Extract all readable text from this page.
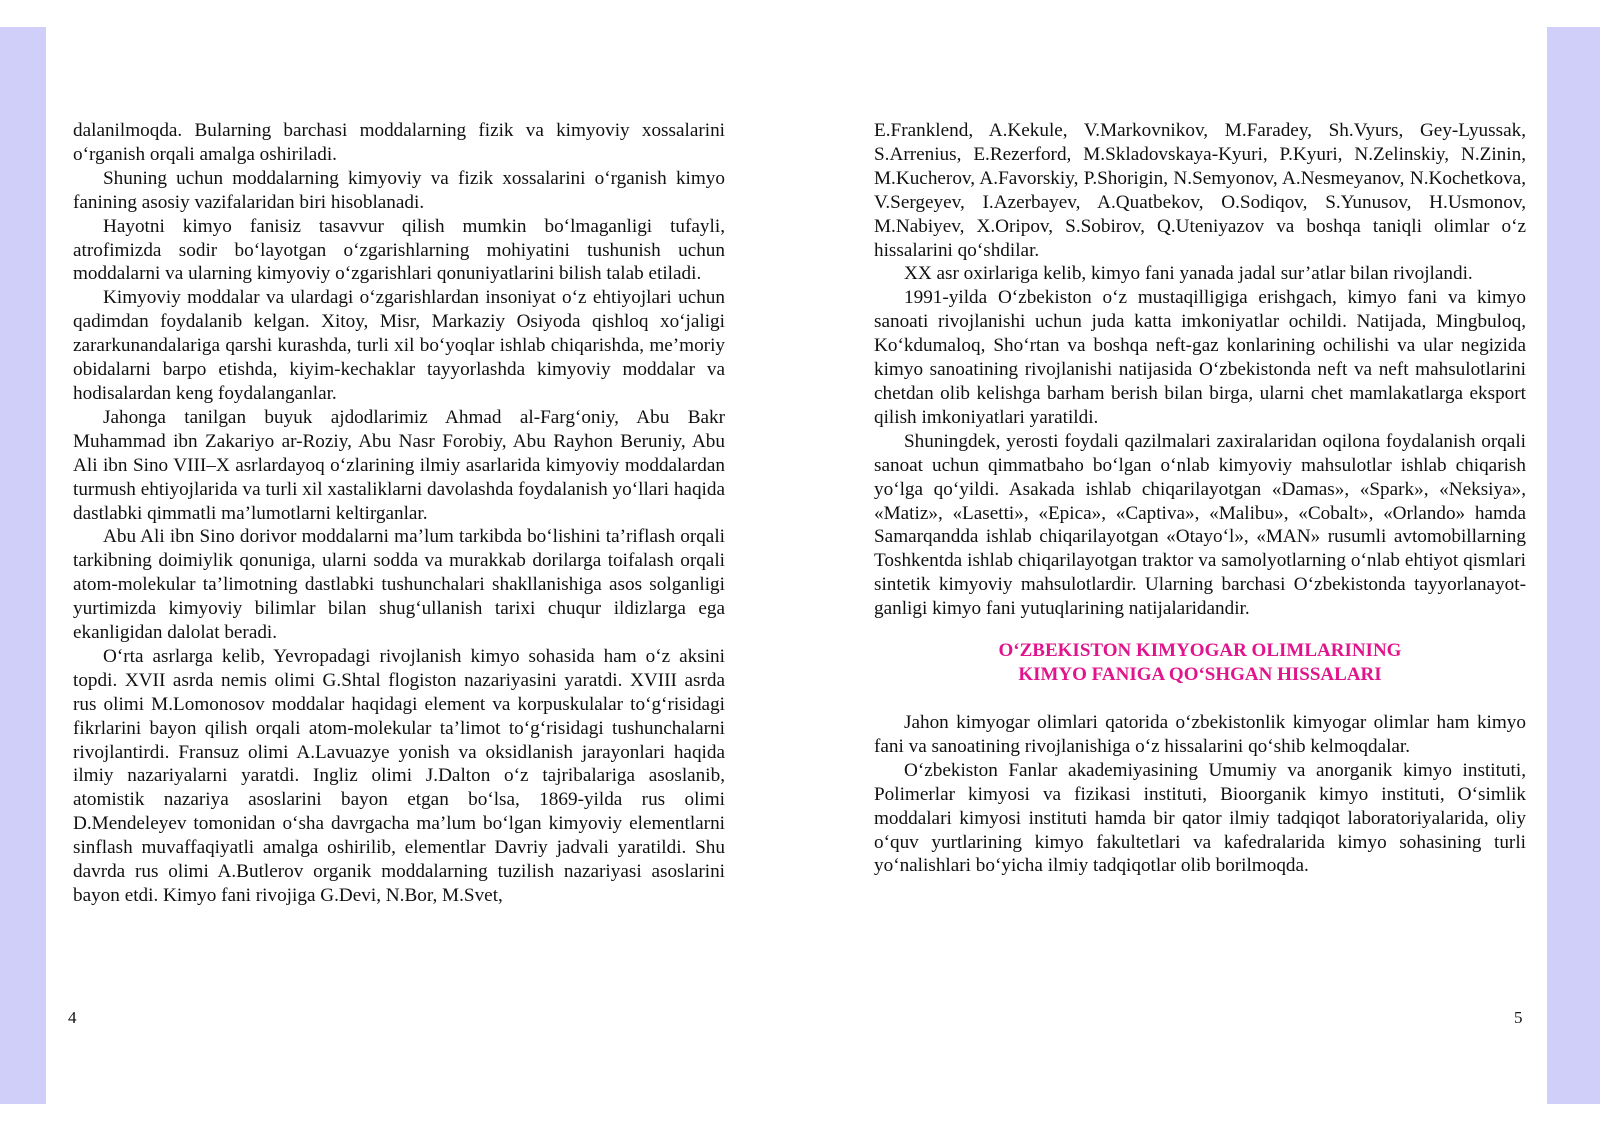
dalanilmoqda. Bularning barchasi moddalarning fizik va kimyoviy xossalarini o‘rganish orqali amalga oshiriladi.

Shuning uchun moddalarning kimyoviy va fizik xossalarini o‘rganish kimyo fanining asosiy vazifalaridan biri hisoblanadi.

Hayotni kimyo fanisiz tasavvur qilish mumkin bo‘lmaganligi tufayli, atrofimizda sodir bo‘layotgan o‘zgarishlarning mohiyatini tushunish uchun moddalarni va ularning kimyoviy o‘zgarishlari qonuniyatlarini bilish talab etiladi.

Kimyoviy moddalar va ulardagi o‘zgarishlardan insoniyat o‘z ehtiyojlari uchun qadimdan foydalanib kelgan. Xitoy, Misr, Markaziy Osiyoda qishloq xo‘jaligi zararkunandalariga qarshi kurashda, turli xil bo‘yoqlar ishlab chiqarishda, me’moriy obidalarni barpo etishda, kiyim-kechaklar tayyorlashda kimyoviy moddalar va hodisalardan keng foydalanganlar.

Jahonga tanilgan buyuk ajdodlarimiz Ahmad al-Farg‘oniy, Abu Bakr Muhammad ibn Zakariyo ar-Roziy, Abu Nasr Forobiy, Abu Rayhon Beruniy, Abu Ali ibn Sino VIII–X asrlardayoq o‘zlarining ilmiy asarlarida kimyoviy moddalardan turmush ehtiyojlarida va turli xil xastaliklarni davolashda foydalanish yo‘llari haqida dastlabki qimmatli ma’lumotlarni keltirganlar.

Abu Ali ibn Sino dorivor moddalarni ma’lum tarkibda bo‘lishini ta’riflash orqali tarkibning doimiylik qonuniga, ularni sodda va murakkab dorilarga toifalash orqali atom-molekular ta’limotning dastlabki tushunchalari shakllanishiga asos solganligi yurtimizda kimyoviy bilimlar bilan shug‘ullanish tarixi chuqur ildizlarga ega ekanligidan dalolat beradi.

O‘rta asrlarga kelib, Yevropadagi rivojlanish kimyo sohasida ham o‘z aksini topdi. XVII asrda nemis olimi G.Shtal flogiston nazariyasini yaratdi. XVIII asrda rus olimi M.Lomonosov moddalar haqidagi element va korpuskulalar to‘g‘risidagi fikrlarini bayon qilish orqali atom-molekular ta’limot to‘g‘risidagi tushunchalarni rivojlantirdi. Fransuz olimi A.Lavuazye yonish va oksidlanish jarayonlari haqida ilmiy nazariyalarni yaratdi. Ingliz olimi J.Dalton o‘z tajribalariga asoslanib, atomistik nazariya asoslarini bayon etgan bo‘lsa, 1869-yilda rus olimi D.Mendeleyev tomonidan o‘sha davrgacha ma’lum bo‘lgan kimyoviy elementlarni sinflash muvaffaqiyatli amalga oshirilib, elementlar Davriy jadvali yaratildi. Shu davrda rus olimi A.Butlerov organik moddalarning tuzilish nazariyasi asoslarini bayon etdi. Kimyo fani rivojiga G.Devi, N.Bor, M.Svet,

E.Franklend, A.Kekule, V.Markovnikov, M.Faradey, Sh.Vyurs, Gey-Lyussak, S.Arrenius, E.Rezerford, M.Skladovskaya-Kyuri, P.Kyuri, N.Zelinskiy, N.Zinin, M.Kucherov, A.Favorskiy, P.Shorigin, N.Semyonov, A.Nesmeyanov, N.Kochetkova, V.Sergeyev, I.Azerbayev, A.Quatbekov, O.Sodiqov, S.Yunusov, H.Usmonov, M.Nabiyev, X.Oripov, S.Sobirov, Q.Uteniyazov va boshqa taniqli olimlar o‘z hissalarini qo‘shdilar.

XX asr oxirlariga kelib, kimyo fani yanada jadal sur’atlar bilan rivojlandi.

1991-yilda O‘zbekiston o‘z mustaqilligiga erishgach, kimyo fani va kimyo sanoati rivojlanishi uchun juda katta imkoniyatlar ochildi. Natijada, Mingbuloq, Ko‘kdumaloq, Sho‘rtan va boshqa neft-gaz konlarining ochilishi va ular negizida kimyo sanoatining rivojlanishi natijasida O‘zbekistonda neft va neft mahsulotlarini chetdan olib kelishga barham berish bilan birga, ularni chet mamlakatlarga eksport qilish imkoniyatlari yaratildi.

Shuningdek, yerosti foydali qazilmalari zaxiralaridan oqilona foydalanish orqali sanoat uchun qimmatbaho bo‘lgan o‘nlab kimyoviy mahsulotlar ishlab chiqarish yo‘lga qo‘yildi. Asakada ishlab chiqarilayotgan «Damas», «Spark», «Neksiya», «Matiz», «Lasetti», «Epica», «Captiva», «Malibu», «Cobalt», «Orlando» hamda Samarqandda ishlab chiqarilayotgan «Otayo‘l», «MAN» rusumli avtomobillarning Toshkentda ishlab chiqarilayotgan traktor va samolyotlarning o‘nlab ehtiyot qismlari sintetik kimyoviy mahsulotlardir. Ularning barchasi O‘zbekistonda tayyorlanayotganligi kimyo fani yutuqlarining natijalaridandir.

O‘ZBEKISTON KIMYOGAR OLIMLARINING
KIMYO FANIGA QO‘SHGAN HISSALARI

Jahon kimyogar olimlari qatorida o‘zbekistonlik kimyogar olimlar ham kimyo fani va sanoatining rivojlanishiga o‘z hissalarini qo‘shib kelmoqdalar.

O‘zbekiston Fanlar akademiyasining Umumiy va anorganik kimyo instituti, Polimerlar kimyosi va fizikasi instituti, Bioorganik kimyo instituti, O‘simlik moddalari kimyosi instituti hamda bir qator ilmiy tadqiqot laboratoriyalarida, oliy o‘quv yurtlarining kimyo fakultetlari va kafedralarida kimyo sohasining turli yo‘nalishlari bo‘yicha ilmiy tadqiqotlar olib borilmoqda.

4	5
